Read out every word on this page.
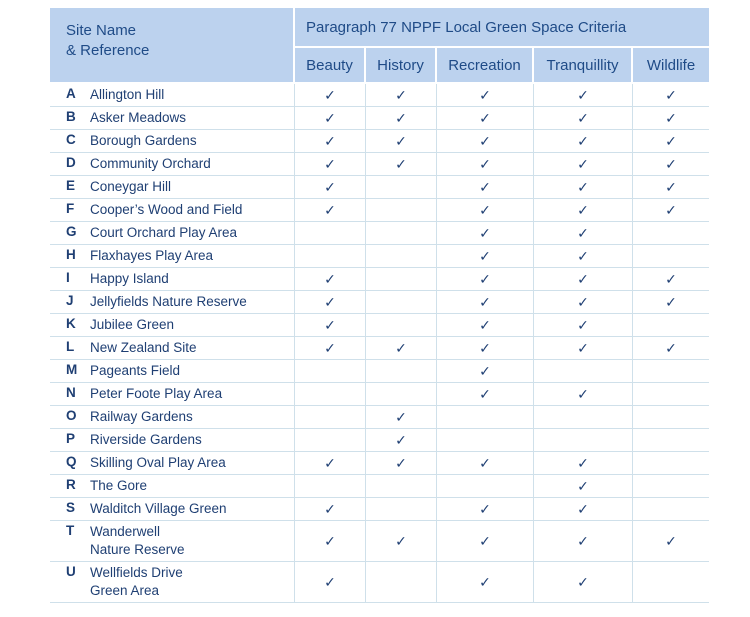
Site Name
& Reference	Paragraph 77 NPPF Local Green Space Criteria				
	Beauty	History	Recreation	Tranquillity	Wildlife
A Allington Hill	✓	✓	✓	✓	✓
B Asker Meadows	✓	✓	✓	✓	✓
C Borough Gardens	✓	✓	✓	✓	✓
D Community Orchard	✓	✓	✓	✓	✓
E Coneygar Hill	✓		✓	✓	✓
F Cooper’s Wood and Field	✓		✓	✓	✓
G Court Orchard Play Area			✓	✓	
H Flaxhayes Play Area			✓	✓	
I Happy Island	✓		✓	✓	✓
J Jellyfields Nature Reserve	✓		✓	✓	✓
K Jubilee Green	✓		✓	✓	
L New Zealand Site	✓	✓	✓	✓	✓
M Pageants Field			✓		
N Peter Foote Play Area			✓	✓	
O Railway Gardens		✓			
P Riverside Gardens		✓			
Q Skilling Oval Play Area	✓	✓	✓	✓	
R The Gore				✓	
S Walditch Village Green	✓		✓	✓	
T Wanderwell
Nature Reserve	✓	✓	✓	✓	✓
U Wellfields Drive
Green Area	✓		✓	✓	
